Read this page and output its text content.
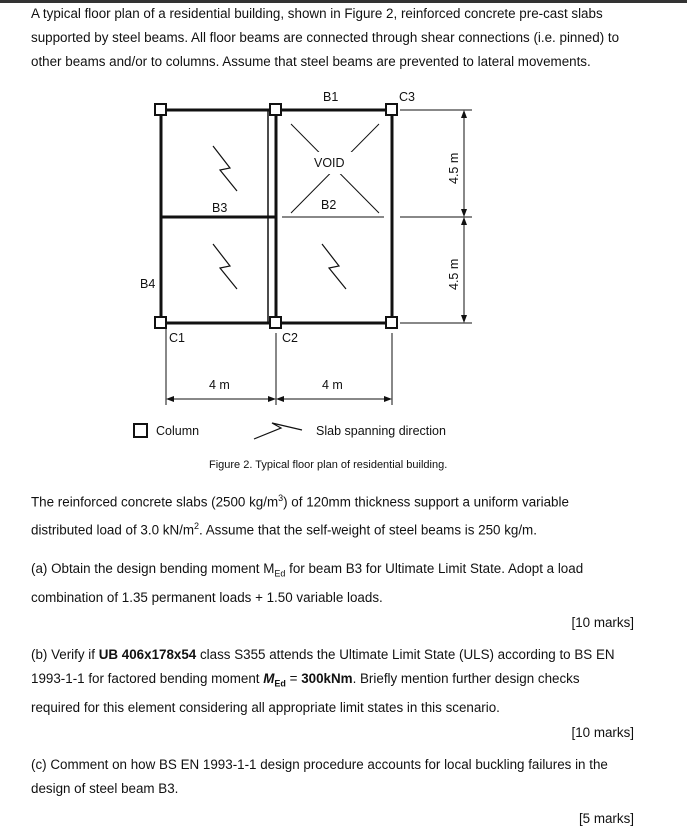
A typical floor plan of a residential building, shown in Figure 2, reinforced concrete pre-cast slabs
supported by steel beams. All floor beams are connected through shear connections (i.e. pinned) to
other beams and/or to columns. Assume that steel beams are prevented to lateral movements.

B1	C3
VOID
B3	B2
B4
C1	C2
4 m	4 m
4.5 m
4.5 m
Column	Slab spanning direction
Figure 2. Typical floor plan of residential building.

The reinforced concrete slabs (2500 $kg/m^3$) of 120mm thickness support a uniform variable
distributed load of 3.0 $kN/m^2$. Assume that the self-weight of steel beams is 250 kg/m.

(a) Obtain the design bending moment $M_{Ed}$ for beam B3 for Ultimate Limit State. Adopt a load
combination of 1.35 permanent loads + 1.50 variable loads.

[10 marks]

(b) Verify if UB 406x178x54 class S355 attends the Ultimate Limit State (ULS) according to BS EN
1993-1-1 for factored bending moment $M_{Ed} = 300kNm$. Briefly mention further design checks
required for this element considering all appropriate limit states in this scenario.

[10 marks]

(c) Comment on how BS EN 1993-1-1 design procedure accounts for local buckling failures in the
design of steel beam B3.

[5 marks]
